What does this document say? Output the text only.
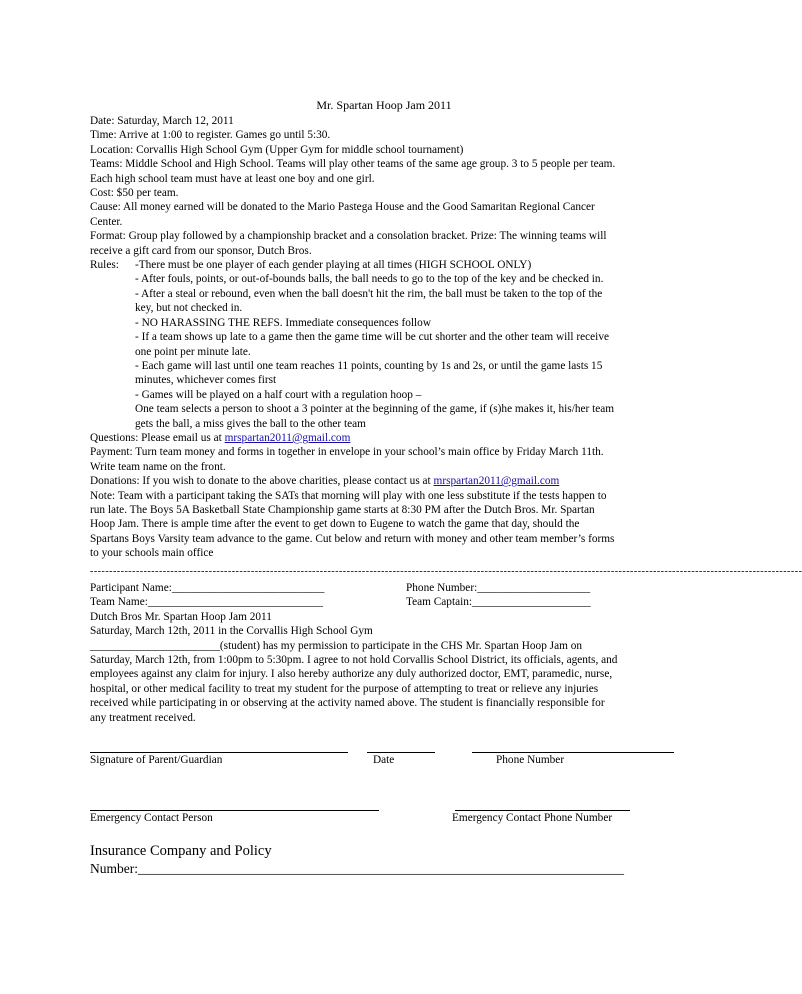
Mr. Spartan Hoop Jam 2011
Date: Saturday, March 12, 2011
Time: Arrive at 1:00 to register. Games go until 5:30.
Location: Corvallis High School Gym (Upper Gym for middle school tournament)
Teams: Middle School and High School. Teams will play other teams of the same age group. 3 to 5 people per team.
Each high school team must have at least one boy and one girl.
Cost: $50 per team.
Cause: All money earned will be donated to the Mario Pastega House and the Good Samaritan Regional Cancer
Center.
Format: Group play followed by a championship bracket and a consolation bracket. Prize: The winning teams will
receive a gift card from our sponsor, Dutch Bros.
Rules:	-There must be one player of each gender playing at all times (HIGH SCHOOL ONLY)
- After fouls, points, or out-of-bounds balls, the ball needs to go to the top of the key and be checked in.
- After a steal or rebound, even when the ball doesn't hit the rim, the ball must be taken to the top of the
key, but not checked in.
- NO HARASSING THE REFS. Immediate consequences follow
- If a team shows up late to a game then the game time will be cut shorter and the other team will receive
one point per minute late.
- Each game will last until one team reaches 11 points, counting by 1s and 2s, or until the game lasts 15
minutes, whichever comes first
- Games will be played on a half court with a regulation hoop –
One team selects a person to shoot a 3 pointer at the beginning of the game, if (s)he makes it, his/her team
gets the ball, a miss gives the ball to the other team
Questions: Please email us at mrspartan2011@gmail.com
Payment: Turn team money and forms in together in envelope in your school’s main office by Friday March 11th.
Write team name on the front.
Donations: If you wish to donate to the above charities, please contact us at mrspartan2011@gmail.com
Note: Team with a participant taking the SATs that morning will play with one less substitute if the tests happen to
run late. The Boys 5A Basketball State Championship game starts at 8:30 PM after the Dutch Bros. Mr. Spartan
Hoop Jam. There is ample time after the event to get down to Eugene to watch the game that day, should the
Spartans Boys Varsity team advance to the game. Cut below and return with money and other team member’s forms
to your schools main office
------------------------------------------------------------------------------------------------------------------------------------------------------------------------------------------
Participant Name:___________________________	Phone Number:____________________
Team Name:_______________________________	Team Captain:_____________________
Dutch Bros Mr. Spartan Hoop Jam 2011
Saturday, March 12th, 2011 in the Corvallis High School Gym
_______________________(student) has my permission to participate in the CHS Mr. Spartan Hoop Jam on
Saturday, March 12th, from 1:00pm to 5:30pm. I agree to not hold Corvallis School District, its officials, agents, and
employees against any claim for injury. I also hereby authorize any duly authorized doctor, EMT, paramedic, nurse,
hospital, or other medical facility to treat my student for the purpose of attempting to treat or relieve any injuries
received while participating in or observing at the activity named above. The student is financially responsible for
any treatment received.
Signature of Parent/Guardian	Date	Phone Number
Emergency Contact Person	Emergency Contact Phone Number
Insurance Company and Policy
Number:________________________________________________________________________
